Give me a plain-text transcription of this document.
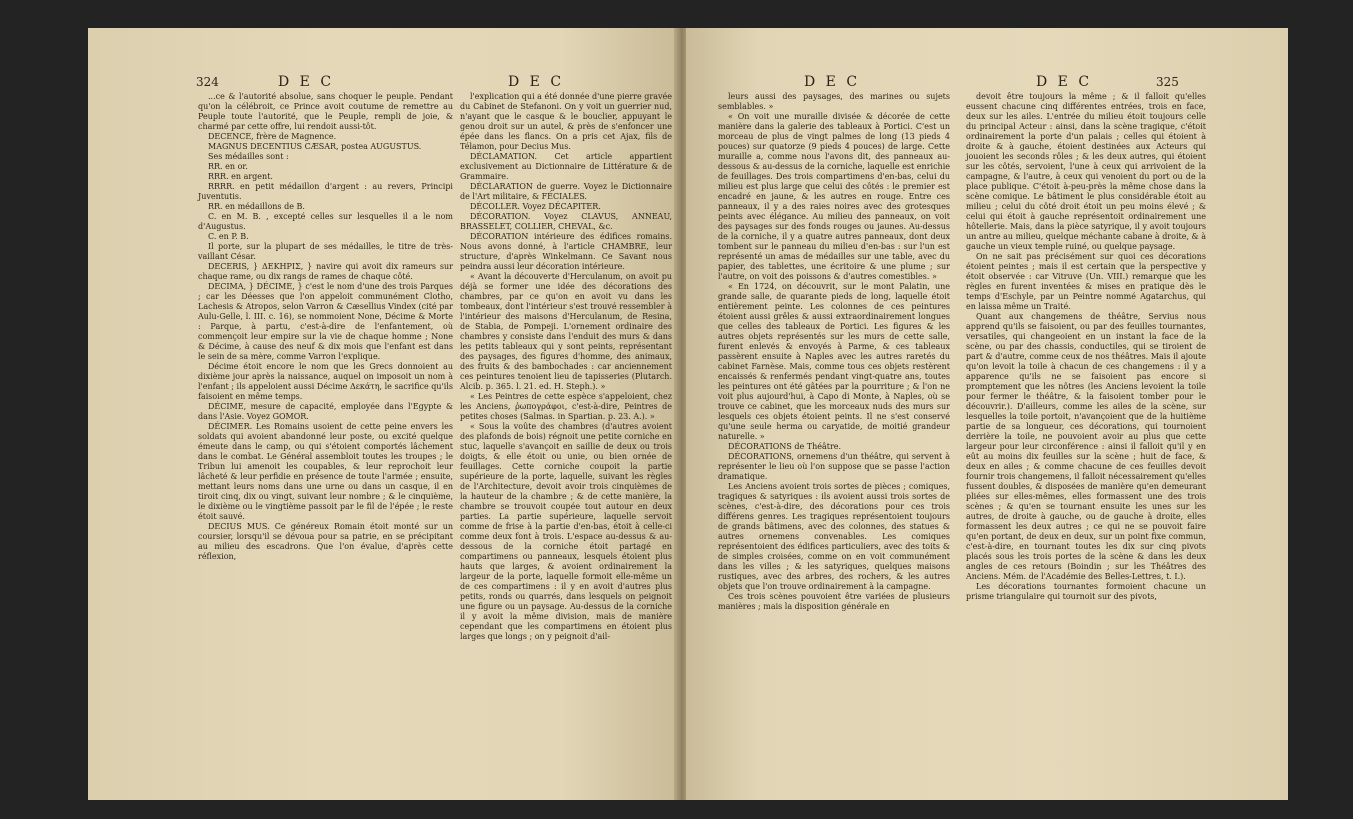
324	D E C	D E C

...ce & l'autorité absolue, sans choquer le peuple. Pendant qu'on la célébroit, ce Prince avoit coutume de remettre au Peuple toute l'autorité, que le Peuple, rempli de joie, & charmé par cette offre, lui rendoit aussi-tôt.

DECENCE, frère de Magnence.

MAGNUS DECENTIUS CÆSAR, postea AUGUSTUS.

Ses médailles sont :

RR. en or.

RRR. en argent.

RRRR. en petit médaillon d'argent : au revers, Principi Juventutis.

RR. en médaillons de B.

C. en M. B. , excepté celles sur lesquelles il a le nom d'Augustus.

C. en P. B.

Il porte, sur la plupart de ses médailles, le titre de très-vaillant César.

DECERIS, } ΔΕΚΗΡΙΣ, } navire qui avoit dix rameurs sur chaque rame, ou dix rangs de rames de chaque côté.

DECIMA, } DÉCIME, } c'est le nom d'une des trois Parques ; car les Déesses que l'on appeloit communément Clotho, Lachesis & Atropos, selon Varron & Cæsellius Vindex (cité par Aulu-Gelle, l. III. c. 16), se nommoient None, Décime & Morte : Parque, à partu, c'est-à-dire de l'enfantement, où commençoit leur empire sur la vie de chaque homme ; None & Décime, à cause des neuf & dix mois que l'enfant est dans le sein de sa mère, comme Varron l'explique.

Décime étoit encore le nom que les Grecs donnoient au dixième jour après la naissance, auquel on imposoit un nom à l'enfant ; ils appeloient aussi Décime Δεκάτη, le sacrifice qu'ils faisoient en même temps.

DÉCIME, mesure de capacité, employée dans l'Egypte & dans l'Asie. Voyez GOMOR.

DÉCIMER. Les Romains usoient de cette peine envers les soldats qui avoient abandonné leur poste, ou excité quelque émeute dans le camp, ou qui s'étoient comportés lâchement dans le combat. Le Général assembloit toutes les troupes ; le Tribun lui amenoit les coupables, & leur reprochoit leur lâcheté & leur perfidie en présence de toute l'armée ; ensuite, mettant leurs noms dans une urne ou dans un casque, il en tiroit cinq, dix ou vingt, suivant leur nombre ; & le cinquième, le dixième ou le vingtième passoit par le fil de l'épée ; le reste étoit sauvé.

DECIUS MUS. Ce généreux Romain étoit monté sur un coursier, lorsqu'il se dévoua pour sa patrie, en se précipitant au milieu des escadrons. Que l'on évalue, d'après cette réflexion,

l'explication qui a été donnée d'une pierre gravée du Cabinet de Stefanoni. On y voit un guerrier nud, n'ayant que le casque & le bouclier, appuyant le genou droit sur un autel, & près de s'enfoncer une épée dans les flancs. On a pris cet Ajax, fils de Télamon, pour Decius Mus.

DÉCLAMATION. Cet article appartient exclusivement au Dictionnaire de Littérature & de Grammaire.

DÉCLARATION de guerre. Voyez le Dictionnaire de l'Art militaire, & FÉCIALES.

DÉCOLLER. Voyez DÉCAPITER.

DÉCORATION. Voyez CLAVUS, ANNEAU, BRASSELET, COLLIER, CHEVAL, &c.

DÉCORATION intérieure des édifices romains. Nous avons donné, à l'article CHAMBRE, leur structure, d'après Winkelmann. Ce Savant nous peindra aussi leur décoration intérieure.

« Avant la découverte d'Herculanum, on avoit pu déjà se former une idée des décorations des chambres, par ce qu'on en avoit vu dans les tombeaux, dont l'intérieur s'est trouvé ressembler à l'intérieur des maisons d'Herculanum, de Resina, de Stabia, de Pompeji. L'ornement ordinaire des chambres y consiste dans l'enduit des murs & dans les petits tableaux qui y sont peints, représentant des paysages, des figures d'homme, des animaux, des fruits & des bambochades : car anciennement ces peintures tenoient lieu de tapisseries (Plutarch. Alcib. p. 365. l. 21. ed. H. Steph.). »

« Les Peintres de cette espèce s'appeloient, chez les Anciens, ῥωπογράφοι, c'est-à-dire, Peintres de petites choses (Salmas. in Spartian. p. 23. A.). »

« Sous la voûte des chambres (d'autres avoient des plafonds de bois) régnoit une petite corniche en stuc, laquelle s'avançoit en saillie de deux ou trois doigts, & elle étoit ou unie, ou bien ornée de feuillages. Cette corniche coupoit la partie supérieure de la porte, laquelle, suivant les règles de l'Architecture, devoit avoir trois cinquièmes de la hauteur de la chambre ; & de cette manière, la chambre se trouvoit coupée tout autour en deux parties. La partie supérieure, laquelle servoit comme de frise à la partie d'en-bas, étoit à celle-ci comme deux font à trois. L'espace au-dessus & au-dessous de la corniche étoit partagé en compartimens ou panneaux, lesquels étoient plus hauts que larges, & avoient ordinairement la largeur de la porte, laquelle formoit elle-même un de ces compartimens : il y en avoit d'autres plus petits, ronds ou quarrés, dans lesquels on peignoit une figure ou un paysage. Au-dessus de la corniche il y avoit la même division, mais de manière cependant que les compartimens en étoient plus larges que longs ; on y peignoit d'ail-

D E C	D E C	325

leurs aussi des paysages, des marines ou sujets semblables. »

« On voit une muraille divisée & décorée de cette manière dans la galerie des tableaux à Portici. C'est un morceau de plus de vingt palmes de long (13 pieds 4 pouces) sur quatorze (9 pieds 4 pouces) de large. Cette muraille a, comme nous l'avons dit, des panneaux au-dessous & au-dessus de la corniche, laquelle est enrichie de feuillages. Des trois compartimens d'en-bas, celui du milieu est plus large que celui des côtés : le premier est encadré en jaune, & les autres en rouge. Entre ces panneaux, il y a des raies noires avec des grotesques peints avec élégance. Au milieu des panneaux, on voit des paysages sur des fonds rouges ou jaunes. Au-dessus de la corniche, il y a quatre autres panneaux, dont deux tombent sur le panneau du milieu d'en-bas : sur l'un est représenté un amas de médailles sur une table, avec du papier, des tablettes, une écritoire & une plume ; sur l'autre, on voit des poissons & d'autres comestibles. »

« En 1724, on découvrit, sur le mont Palatin, une grande salle, de quarante pieds de long, laquelle étoit entièrement peinte. Les colonnes de ces peintures étoient aussi grêles & aussi extraordinairement longues que celles des tableaux de Portici. Les figures & les autres objets représentés sur les murs de cette salle, furent enlevés & envoyés à Parme, & ces tableaux passèrent ensuite à Naples avec les autres raretés du cabinet Farnèse. Mais, comme tous ces objets restèrent encaissés & renfermés pendant vingt-quatre ans, toutes les peintures ont été gâtées par la pourriture ; & l'on ne voit plus aujourd'hui, à Capo di Monte, à Naples, où se trouve ce cabinet, que les morceaux nuds des murs sur lesquels ces objets étoient peints. Il ne s'est conservé qu'une seule herma ou caryatide, de moitié grandeur naturelle. »

DÉCORATIONS de Théâtre.

DÉCORATIONS, ornemens d'un théâtre, qui servent à représenter le lieu où l'on suppose que se passe l'action dramatique.

Les Anciens avoient trois sortes de pièces ; comiques, tragiques & satyriques : ils avoient aussi trois sortes de scènes, c'est-à-dire, des décorations pour ces trois différens genres. Les tragiques représentoient toujours de grands bâtimens, avec des colonnes, des statues & autres ornemens convenables. Les comiques représentoient des édifices particuliers, avec des toits & de simples croisées, comme on en voit communément dans les villes ; & les satyriques, quelques maisons rustiques, avec des arbres, des rochers, & les autres objets que l'on trouve ordinairement à la campagne.

Ces trois scènes pouvoient être variées de plusieurs manières ; mais la disposition générale en

devoit être toujours la même ; & il falloit qu'elles eussent chacune cinq différentes entrées, trois en face, deux sur les ailes. L'entrée du milieu étoit toujours celle du principal Acteur : ainsi, dans la scène tragique, c'étoit ordinairement la porte d'un palais ; celles qui étoient à droite & à gauche, étoient destinées aux Acteurs qui jouoient les seconds rôles ; & les deux autres, qui étoient sur les côtés, servoient, l'une à ceux qui arrivoient de la campagne, & l'autre, à ceux qui venoient du port ou de la place publique. C'étoit à-peu-près la même chose dans la scène comique. Le bâtiment le plus considérable étoit au milieu ; celui du côté droit étoit un peu moins élevé ; & celui qui étoit à gauche représentoit ordinairement une hôtellerie. Mais, dans la pièce satyrique, il y avoit toujours un antre au milieu, quelque méchante cabane à droite, & à gauche un vieux temple ruiné, ou quelque paysage.

On ne sait pas précisément sur quoi ces décorations étoient peintes ; mais il est certain que la perspective y étoit observée : car Vitruve (Un. VIII.) remarque que les règles en furent inventées & mises en pratique dès le temps d'Eschyle, par un Peintre nommé Agatarchus, qui en laissa même un Traité.

Quant aux changemens de théâtre, Servius nous apprend qu'ils se faisoient, ou par des feuilles tournantes, versatiles, qui changeoient en un instant la face de la scène, ou par des chassis, conductiles, qui se tiroient de part & d'autre, comme ceux de nos théâtres. Mais il ajoute qu'on levoit la toile à chacun de ces changemens : il y a apparence qu'ils ne se faisoient pas encore si promptement que les nôtres (les Anciens levoient la toile pour fermer le théâtre, & la faisoient tomber pour le découvrir.). D'ailleurs, comme les ailes de la scène, sur lesquelles la toile portoit, n'avançoient que de la huitième partie de sa longueur, ces décorations, qui tournoient derrière la toile, ne pouvoient avoir au plus que cette largeur pour leur circonférence : ainsi il falloit qu'il y en eût au moins dix feuilles sur la scène ; huit de face, & deux en ailes ; & comme chacune de ces feuilles devoit fournir trois changemens, il falloit nécessairement qu'elles fussent doubles, & disposées de manière qu'en demeurant pliées sur elles-mêmes, elles formassent une des trois scènes ; & qu'en se tournant ensuite les unes sur les autres, de droite à gauche, ou de gauche à droite, elles formassent les deux autres ; ce qui ne se pouvoit faire qu'en portant, de deux en deux, sur un point fixe commun, c'est-à-dire, en tournant toutes les dix sur cinq pivots placés sous les trois portes de la scène & dans les deux angles de ces retours (Boindin ; sur les Théâtres des Anciens. Mém. de l'Académie des Belles-Lettres, t. I.).

Les décorations tournantes formoient chacune un prisme triangulaire qui tournoit sur des pivots,
